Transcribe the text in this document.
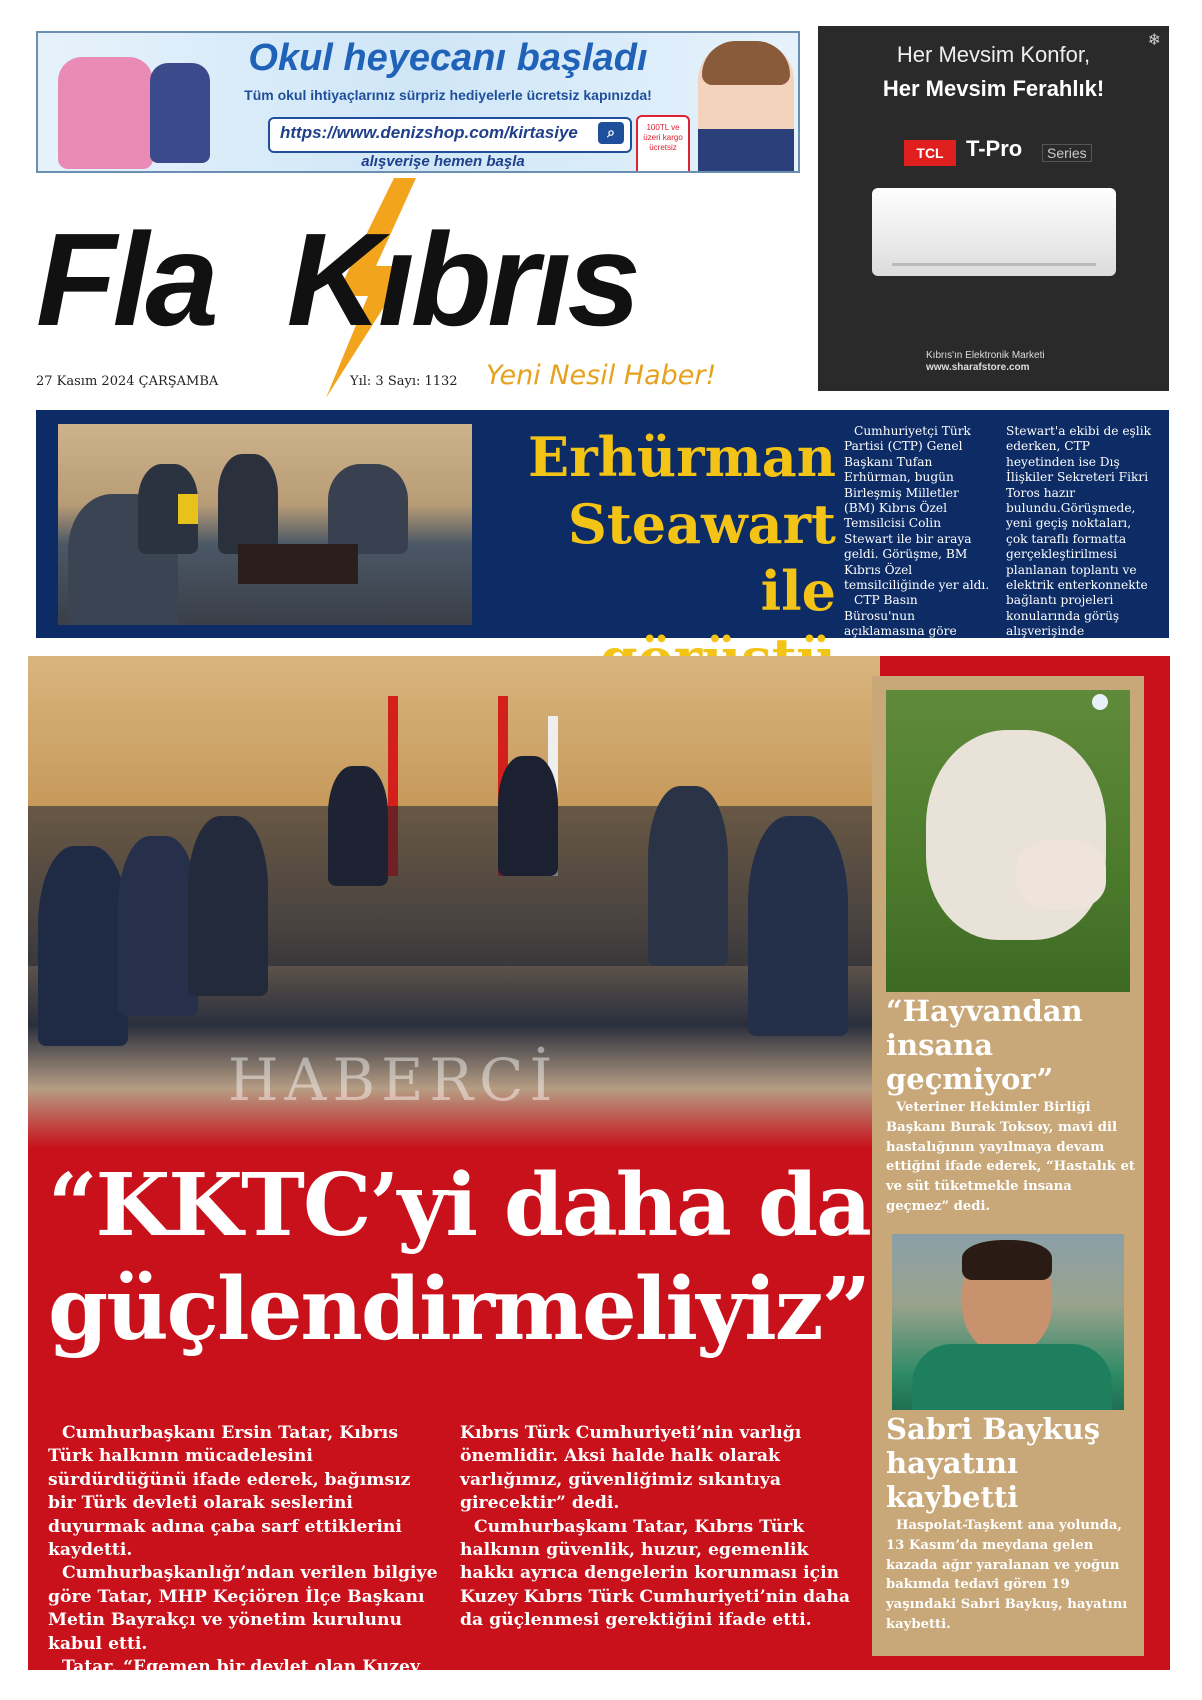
Okul heyecanı başladı
Tüm okul ihtiyaçlarınız sürpriz hediyelerle ücretsiz kapınızda!
https://www.denizshop.com/kirtasiye	⌕
alışverişe hemen başla
100TL ve üzeri kargo ücretsiz
❄
Her Mevsim Konfor,
Her Mevsim Ferahlık!
TCL	T-Pro	Series
Kıbrıs'ın Elektronik Marketi
www.sharafstore.com
Fla Kıbrıs
27 Kasım 2024 ÇARŞAMBA	Yıl: 3 Sayı: 1132 Yeni Nesil Haber!
Erhürman
Steawart ile

Cumhuriyetçi Türk Partisi (CTP) Genel Başkanı Tufan Erhürman, bugün Birleşmiş Milletler (BM) Kıbrıs Özel Temsilcisi Colin Stewart ile bir araya geldi. Görüşme, BM Kıbrıs Özel temsilciliğinde yer aldı.

CTP Basın Bürosu'nun açıklamasına göre toplantıda, Colin

Stewart'a ekibi de eşlik ederken, CTP heyetinden ise Dış İlişkiler Sekreteri Fikri Toros hazır bulundu.Görüşmede, yeni geçiş noktaları, çok taraflı formatta gerçekleştirilmesi planlanan toplantı ve elektrik enterkonnekte bağlantı projeleri konularında görüş alışverişinde bulunuldu.

HABERCİ
“KKTC’yi daha da
güçlendirmeliyiz”

Cumhurbaşkanı Ersin Tatar, Kıbrıs Türk halkının mücadelesini sürdürdüğünü ifade ederek, bağımsız bir Türk devleti olarak seslerini duyurmak adına çaba sarf ettiklerini kaydetti.

Cumhurbaşkanlığı’ndan verilen bilgiye göre Tatar, MHP Keçiören İlçe Başkanı Metin Bayrakçı ve yönetim kurulunu kabul etti.

Tatar, “Egemen bir devlet olan Kuzey

Kıbrıs Türk Cumhuriyeti’nin varlığı önemlidir. Aksi halde halk olarak varlığımız, güvenliğimiz sıkıntıya girecektir” dedi.

Cumhurbaşkanı Tatar, Kıbrıs Türk halkının güvenlik, huzur, egemenlik hakkı ayrıca dengelerin korunması için Kuzey Kıbrıs Türk Cumhuriyeti’nin daha da güçlenmesi gerektiğini ifade etti.

“Hayvandan insana geçmiyor”
Veteriner Hekimler Birliği Başkanı Burak Toksoy, mavi dil hastalığının yayılmaya devam ettiğini ifade ederek, “Hastalık et ve süt tüketmekle insana geçmez” dedi.
Sabri Baykuş hayatını kaybetti
Haspolat-Taşkent ana yolunda, 13 Kasım’da meydana gelen kazada ağır yaralanan ve yoğun bakımda tedavi gören 19 yaşındaki Sabri Baykuş, hayatını kaybetti.
